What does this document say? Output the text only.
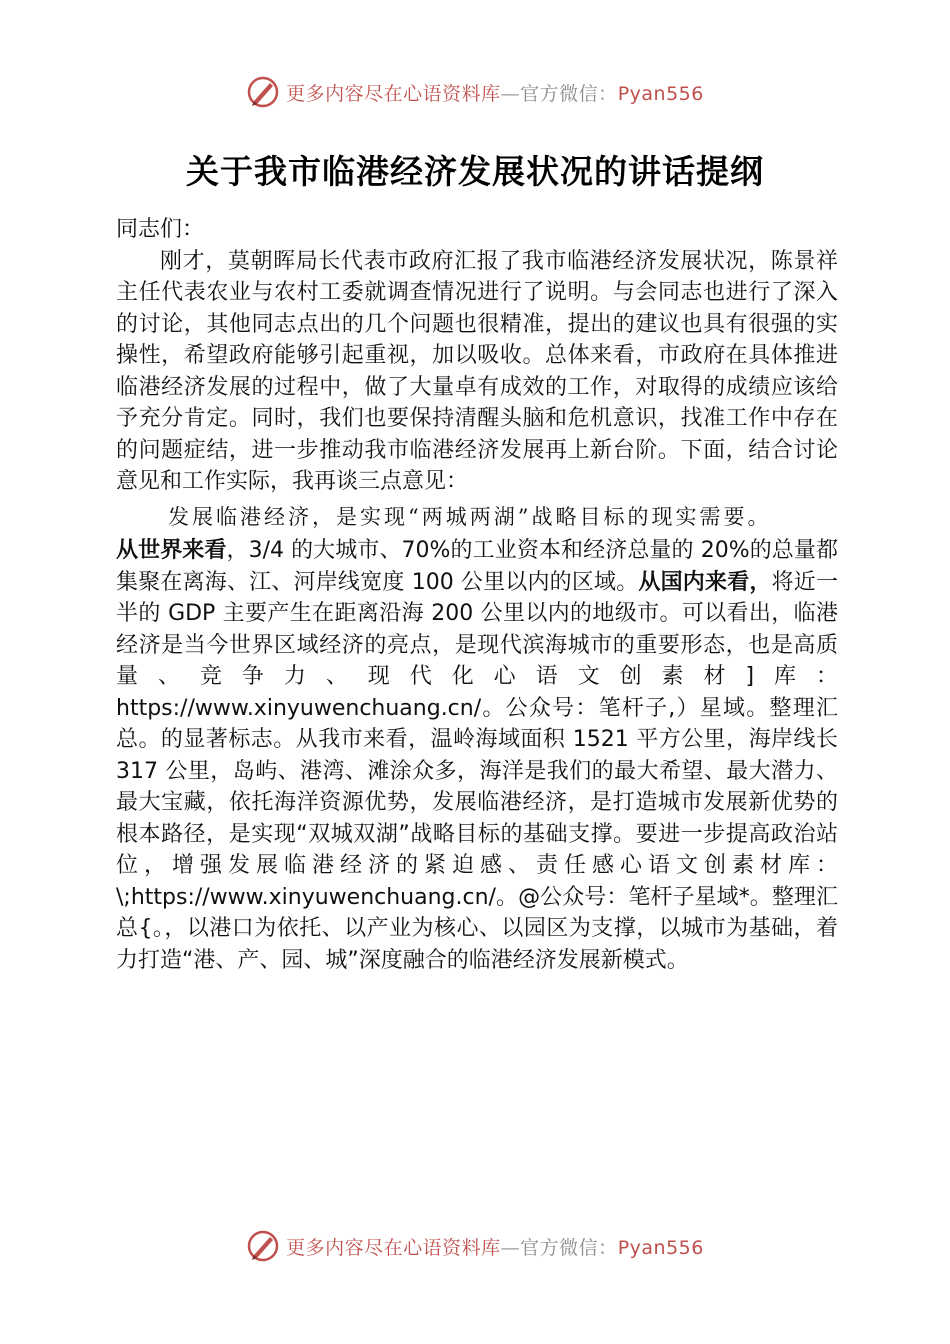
更多内容尽在心语资料库—官方微信：Pyan556
关于我市临港经济发展状况的讲话提纲

同志们：

刚才，莫朝晖局长代表市政府汇报了我市临港经济发展状况，陈景祥主任代表农业与农村工委就调查情况进行了说明。与会同志也进行了深入的讨论，其他同志点出的几个问题也很精准，提出的建议也具有很强的实操性，希望政府能够引起重视，加以吸收。总体来看，市政府在具体推进临港经济发展的过程中，做了大量卓有成效的工作，对取得的成绩应该给予充分肯定。同时，我们也要保持清醒头脑和危机意识，找准工作中存在的问题症结，进一步推动我市临港经济发展再上新台阶。下面，结合讨论意见和工作实际，我再谈三点意见：

发展临港经济，是实现“两城两湖”战略目标的现实需要。

从世界来看，3/4 的大城市、70%的工业资本和经济总量的 20%的总量都集聚在离海、江、河岸线宽度 100 公里以内的区域。从国内来看，将近一半的 GDP 主要产生在距离沿海 200 公里以内的地级市。可以看出，临港经济是当今世界区域经济的亮点，是现代滨海城市的重要形态，也是高质量、竞争力、现代化心语文创素材]库：https://www.xinyuwenchuang.cn/。公众号：笔杆子,）星域。整理汇总。的显著标志。从我市来看，温岭海域面积 1521 平方公里，海岸线长 317 公里，岛屿、港湾、滩涂众多，海洋是我们的最大希望、最大潜力、最大宝藏，依托海洋资源优势，发展临港经济，是打造城市发展新优势的根本路径，是实现“双城双湖”战略目标的基础支撑。要进一步提高政治站位，增强发展临港经济的紧迫感、责任感心语文创素材库：\;https://www.xinyuwenchuang.cn/。@公众号：笔杆子星域*。整理汇总{。，以港口为依托、以产业为核心、以园区为支撑，以城市为基础，着力打造“港、产、园、城”深度融合的临港经济发展新模式。

更多内容尽在心语资料库—官方微信：Pyan556
